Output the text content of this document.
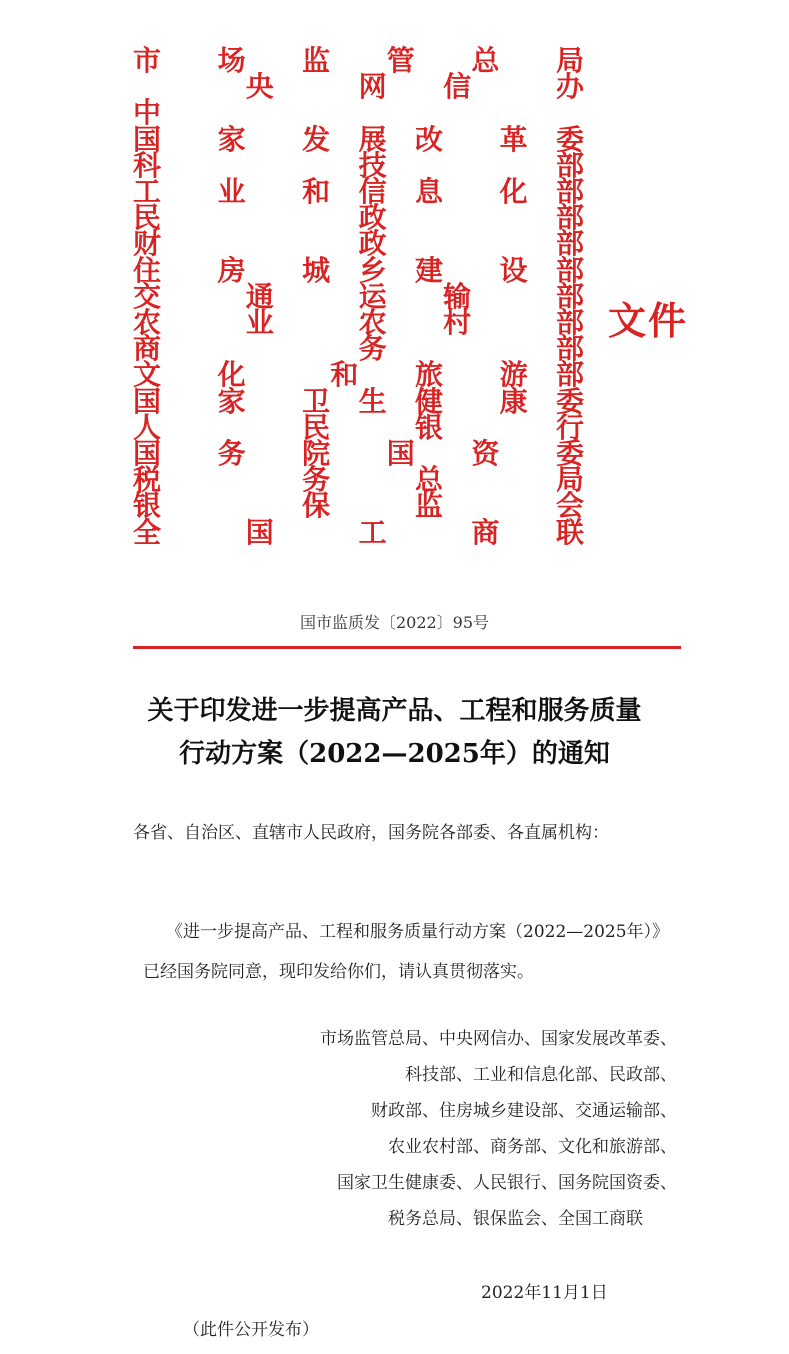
市 场 监 管 总 局
央	网 信	办
中
国 家 发 展 改 革 委
科	技	部
工 业 和 信 息 化 部
民	政	部
财	政	部
住 房 城 乡 建 设 部
交	通	运 输	部
农	业	农 村	部
商	务	部
文 化	和 旅 游 部
国 家 卫 生 健 康 委
人	民	银	行
国 务 院 国 资 委
税	务	总	局
银	保	监	会
全	国	工	商 联
文件
国市监质发〔2022〕95号
关于印发进一步提高产品、工程和服务质量
行动方案（2022—2025年）的通知
各省、自治区、直辖市人民政府，国务院各部委、各直属机构：
《进一步提高产品、工程和服务质量行动方案（2022—2025年）》
已经国务院同意，现印发给你们，请认真贯彻落实。
市场监管总局、中央网信办、国家发展改革委、
科技部、工业和信息化部、民政部、
财政部、住房城乡建设部、交通运输部、
农业农村部、商务部、文化和旅游部、
国家卫生健康委、人民银行、国务院国资委、
税务总局、银保监会、全国工商联
2022年11月1日
（此件公开发布）
